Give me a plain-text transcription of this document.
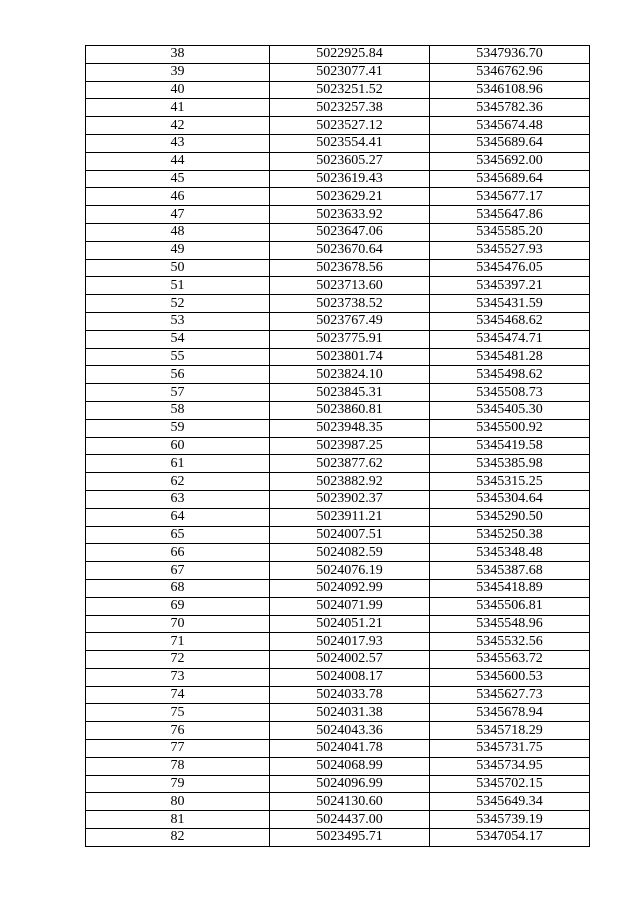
38	5022925.84	5347936.70
39	5023077.41	5346762.96
40	5023251.52	5346108.96
41	5023257.38	5345782.36
42	5023527.12	5345674.48
43	5023554.41	5345689.64
44	5023605.27	5345692.00
45	5023619.43	5345689.64
46	5023629.21	5345677.17
47	5023633.92	5345647.86
48	5023647.06	5345585.20
49	5023670.64	5345527.93
50	5023678.56	5345476.05
51	5023713.60	5345397.21
52	5023738.52	5345431.59
53	5023767.49	5345468.62
54	5023775.91	5345474.71
55	5023801.74	5345481.28
56	5023824.10	5345498.62
57	5023845.31	5345508.73
58	5023860.81	5345405.30
59	5023948.35	5345500.92
60	5023987.25	5345419.58
61	5023877.62	5345385.98
62	5023882.92	5345315.25
63	5023902.37	5345304.64
64	5023911.21	5345290.50
65	5024007.51	5345250.38
66	5024082.59	5345348.48
67	5024076.19	5345387.68
68	5024092.99	5345418.89
69	5024071.99	5345506.81
70	5024051.21	5345548.96
71	5024017.93	5345532.56
72	5024002.57	5345563.72
73	5024008.17	5345600.53
74	5024033.78	5345627.73
75	5024031.38	5345678.94
76	5024043.36	5345718.29
77	5024041.78	5345731.75
78	5024068.99	5345734.95
79	5024096.99	5345702.15
80	5024130.60	5345649.34
81	5024437.00	5345739.19
82	5023495.71	5347054.17
